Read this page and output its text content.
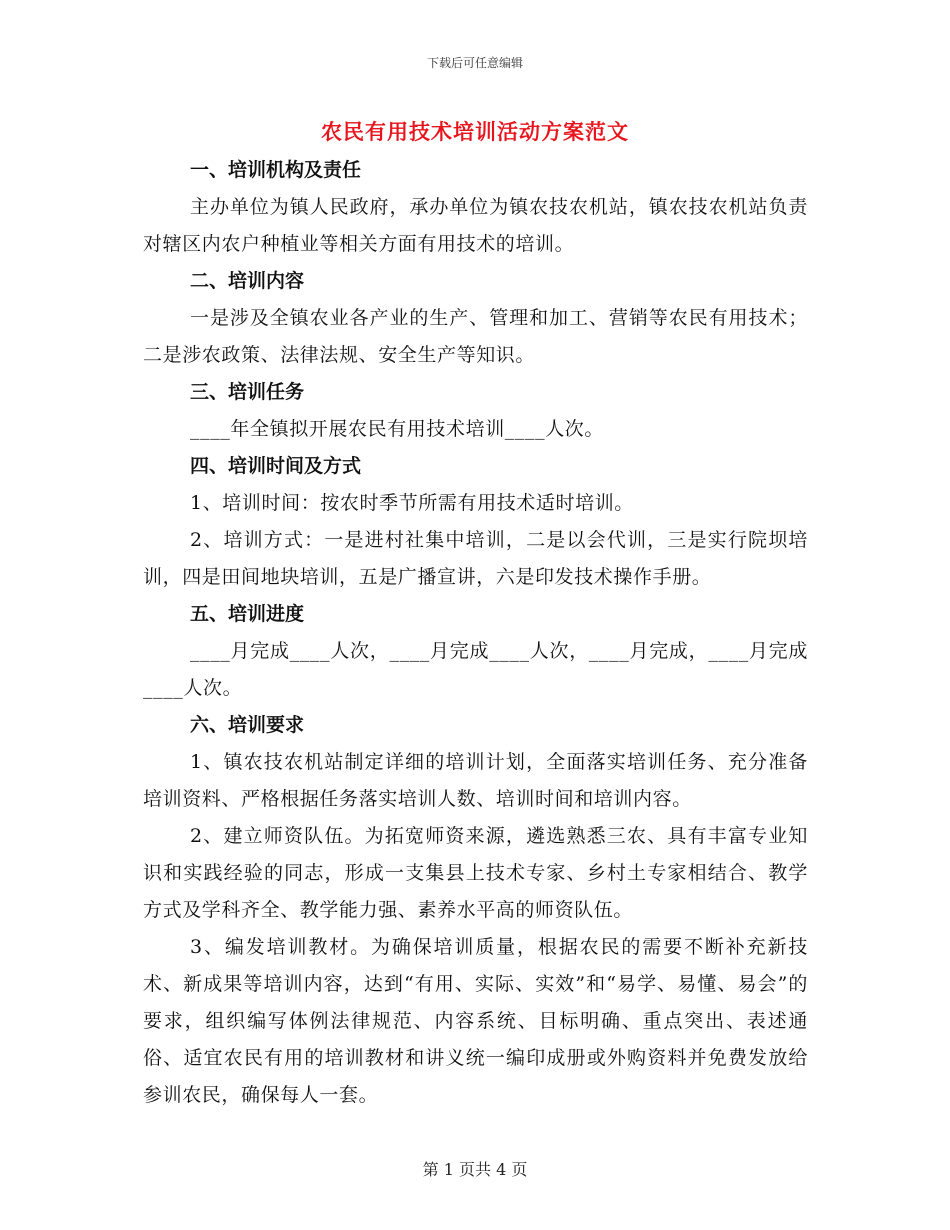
下载后可任意编辑
农民有用技术培训活动方案范文
一、培训机构及责任
主办单位为镇人民政府，承办单位为镇农技农机站，镇农技农机站负责对辖区内农户种植业等相关方面有用技术的培训。
二、培训内容
一是涉及全镇农业各产业的生产、管理和加工、营销等农民有用技术；二是涉农政策、法律法规、安全生产等知识。
三、培训任务
____年全镇拟开展农民有用技术培训____人次。
四、培训时间及方式
1、培训时间：按农时季节所需有用技术适时培训。
2、培训方式：一是进村社集中培训，二是以会代训，三是实行院坝培训，四是田间地块培训，五是广播宣讲，六是印发技术操作手册。
五、培训进度
____月完成____人次，____月完成____人次，____月完成，____月完成____人次。
六、培训要求
1、镇农技农机站制定详细的培训计划，全面落实培训任务、充分准备培训资料、严格根据任务落实培训人数、培训时间和培训内容。
2、建立师资队伍。为拓宽师资来源，遴选熟悉三农、具有丰富专业知识和实践经验的同志，形成一支集县上技术专家、乡村土专家相结合、教学方式及学科齐全、教学能力强、素养水平高的师资队伍。
3、编发培训教材。为确保培训质量，根据农民的需要不断补充新技术、新成果等培训内容，达到“有用、实际、实效”和“易学、易懂、易会”的要求，组织编写体例法律规范、内容系统、目标明确、重点突出、表述通俗、适宜农民有用的培训教材和讲义统一编印成册或外购资料并免费发放给参训农民，确保每人一套。
第 1 页共 4 页
